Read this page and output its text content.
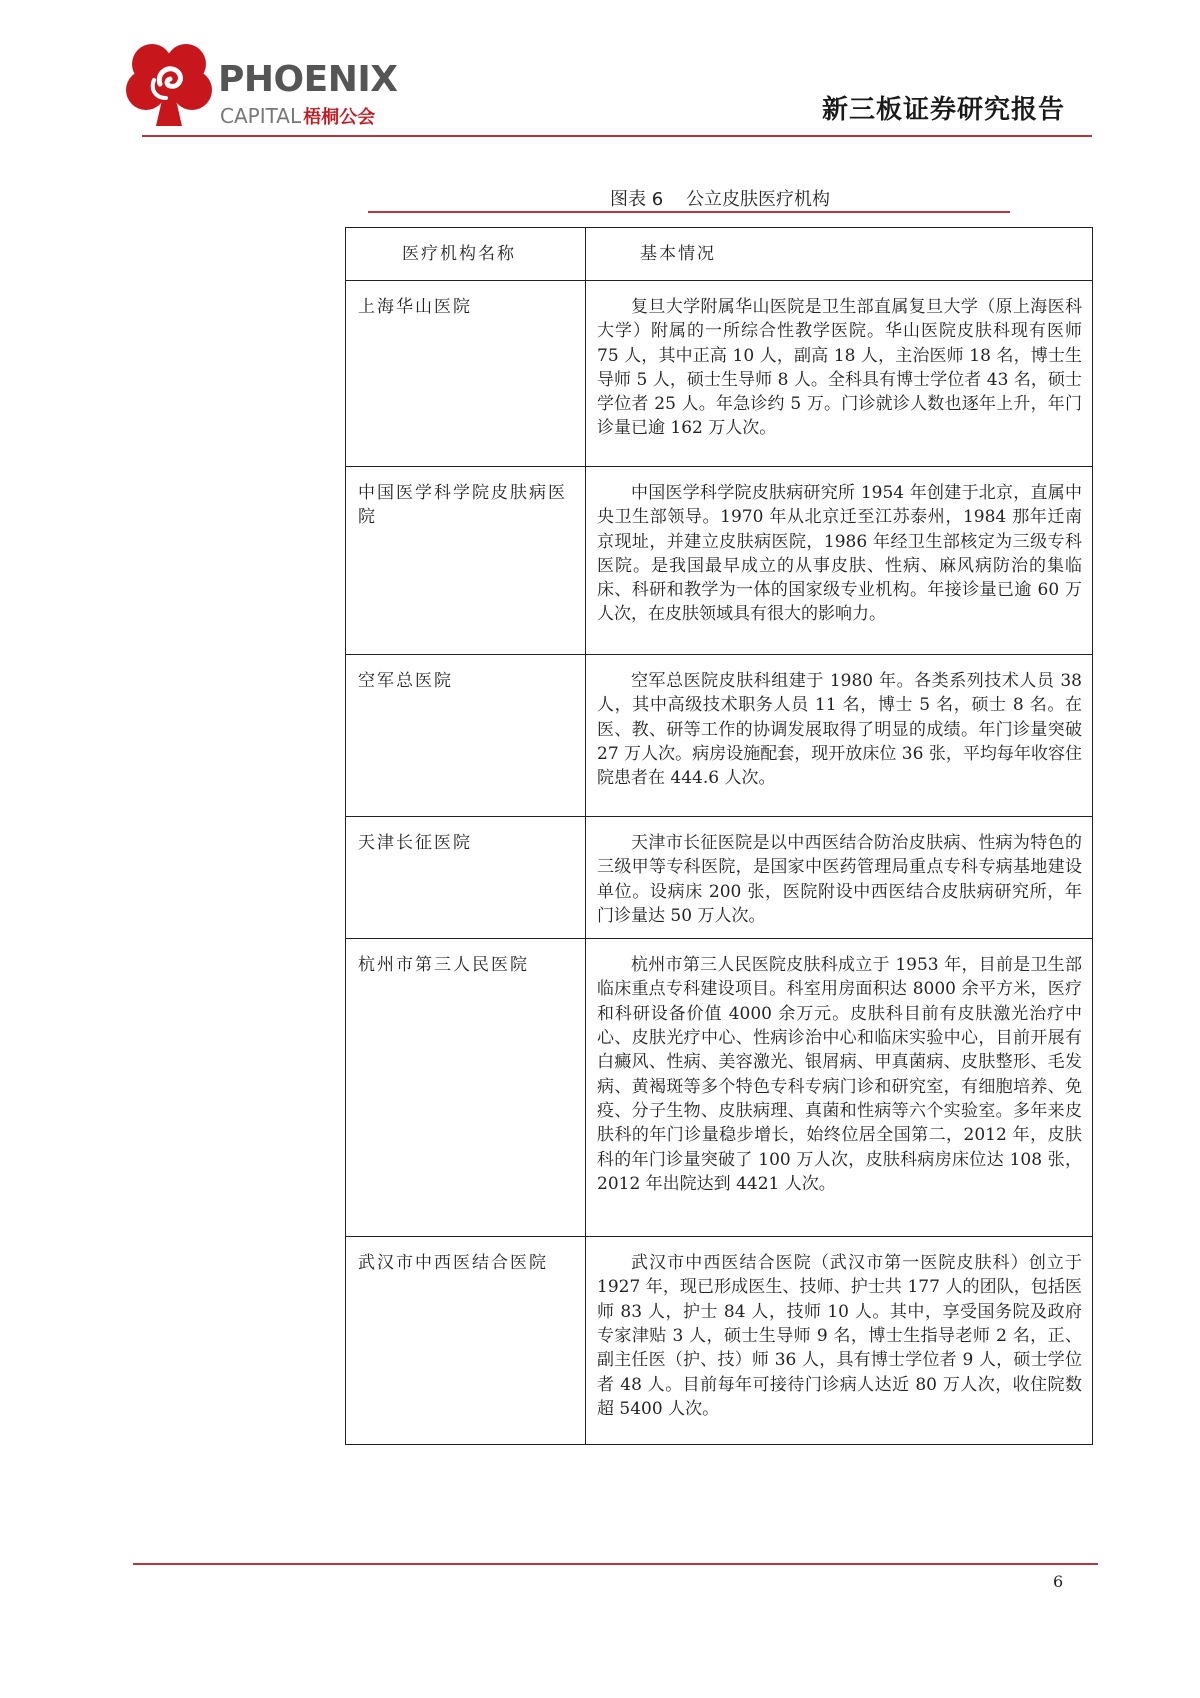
PHOENIX
CAPITAL 梧桐公会	新三板证券研究报告
图表 6    公立皮肤医疗机构
医疗机构名称	基本情况
上海华山医院	复旦大学附属华山医院是卫生部直属复旦大学（原上海医科大学）附属的一所综合性教学医院。华山医院皮肤科现有医师 75 人，其中正高 10 人，副高 18 人，主治医师 18 名，博士生导师 5 人，硕士生导师 8 人。全科具有博士学位者 43 名，硕士学位者 25 人。年急诊约 5 万。门诊就诊人数也逐年上升，年门诊量已逾 162 万人次。
中国医学科学院皮肤病医院	中国医学科学院皮肤病研究所 1954 年创建于北京，直属中央卫生部领导。1970 年从北京迁至江苏泰州，1984 那年迁南京现址，并建立皮肤病医院，1986 年经卫生部核定为三级专科医院。是我国最早成立的从事皮肤、性病、麻风病防治的集临床、科研和教学为一体的国家级专业机构。年接诊量已逾 60 万人次，在皮肤领域具有很大的影响力。
空军总医院	空军总医院皮肤科组建于 1980 年。各类系列技术人员 38 人，其中高级技术职务人员 11 名，博士 5 名，硕士 8 名。在医、教、研等工作的协调发展取得了明显的成绩。年门诊量突破 27 万人次。病房设施配套，现开放床位 36 张，平均每年收容住院患者在 444.6 人次。
天津长征医院	天津市长征医院是以中西医结合防治皮肤病、性病为特色的三级甲等专科医院，是国家中医药管理局重点专科专病基地建设单位。设病床 200 张，医院附设中西医结合皮肤病研究所，年门诊量达 50 万人次。
杭州市第三人民医院	杭州市第三人民医院皮肤科成立于 1953 年，目前是卫生部临床重点专科建设项目。科室用房面积达 8000 余平方米，医疗和科研设备价值 4000 余万元。皮肤科目前有皮肤激光治疗中心、皮肤光疗中心、性病诊治中心和临床实验中心，目前开展有白癜风、性病、美容激光、银屑病、甲真菌病、皮肤整形、毛发病、黄褐斑等多个特色专科专病门诊和研究室，有细胞培养、免疫、分子生物、皮肤病理、真菌和性病等六个实验室。多年来皮肤科的年门诊量稳步增长，始终位居全国第二，2012 年，皮肤科的年门诊量突破了 100 万人次，皮肤科病房床位达 108 张，2012 年出院达到 4421 人次。
武汉市中西医结合医院	武汉市中西医结合医院（武汉市第一医院皮肤科）创立于 1927 年，现已形成医生、技师、护士共 177 人的团队，包括医师 83 人，护士 84 人，技师 10 人。其中，享受国务院及政府专家津贴 3 人，硕士生导师 9 名，博士生指导老师 2 名，正、副主任医（护、技）师 36 人，具有博士学位者 9 人，硕士学位者 48 人。目前每年可接待门诊病人达近 80 万人次，收住院数超 5400 人次。
6
